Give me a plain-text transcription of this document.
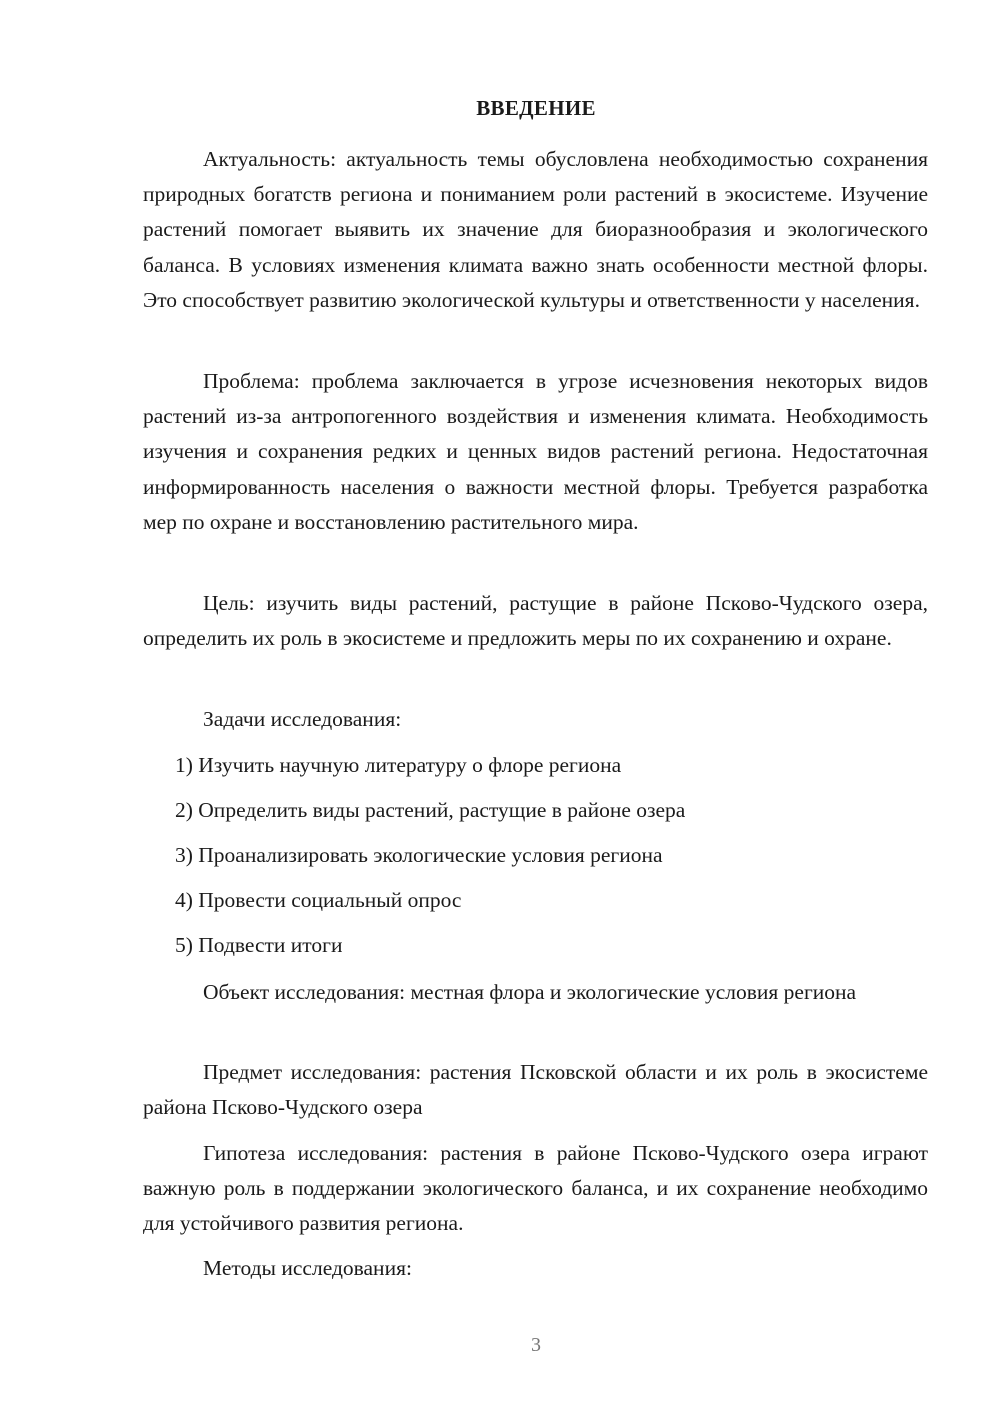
ВВЕДЕНИЕ

Актуальность: актуальность темы обусловлена необходимостью сохранения природных богатств региона и пониманием роли растений в экосистеме. Изучение растений помогает выявить их значение для биоразнообразия и экологического баланса. В условиях изменения климата важно знать особенности местной флоры. Это способствует развитию экологической культуры и ответственности у населения.

Проблема: проблема заключается в угрозе исчезновения некоторых видов растений из-за антропогенного воздействия и изменения климата. Необходимость изучения и сохранения редких и ценных видов растений региона. Недостаточная информированность населения о важности местной флоры. Требуется разработка мер по охране и восстановлению растительного мира.

Цель: изучить виды растений, растущие в районе Псково-Чудского озера, определить их роль в экосистеме и предложить меры по их сохранению и охране.

Задачи исследования:

1) Изучить научную литературу о флоре региона

2) Определить виды растений, растущие в районе озера

3) Проанализировать экологические условия региона

4) Провести социальный опрос

5) Подвести итоги

Объект исследования: местная флора и экологические условия региона

Предмет исследования: растения Псковской области и их роль в экосистеме района Псково-Чудского озера

Гипотеза исследования: растения в районе Псково-Чудского озера играют важную роль в поддержании экологического баланса, и их сохранение необходимо для устойчивого развития региона.

Методы исследования:

3
